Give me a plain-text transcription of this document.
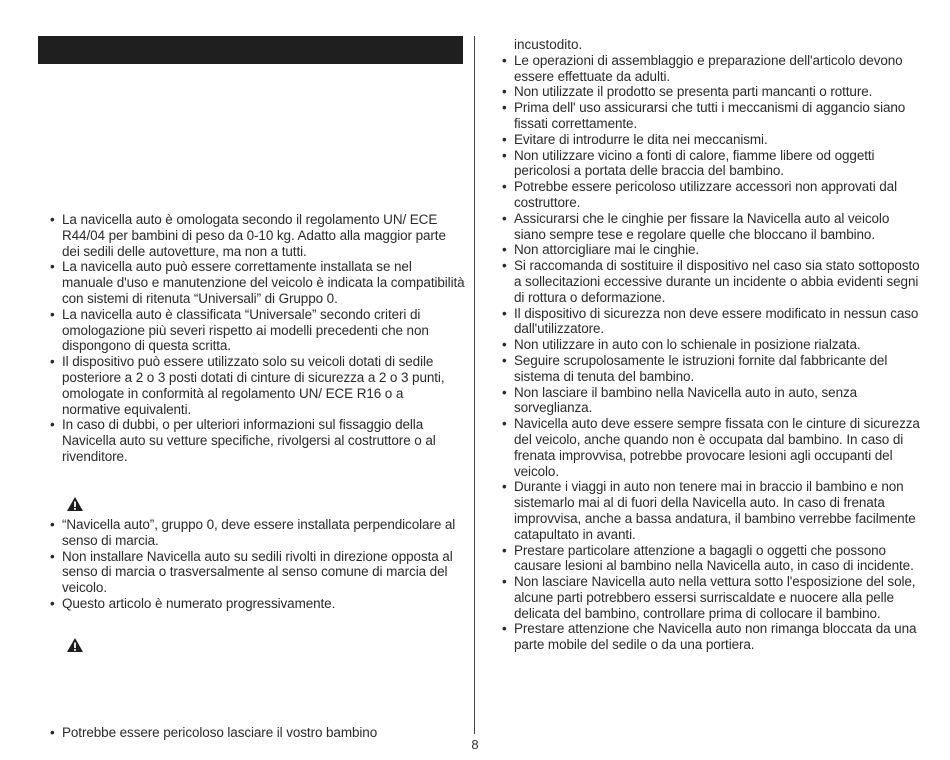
• La navicella auto è omologata secondo il regolamento UN/ ECE R44/04 per bambini di peso da 0-10 kg. Adatto alla maggior parte dei sedili delle autovetture, ma non a tutti.
• La navicella auto può essere correttamente installata se nel manuale d'uso e manutenzione del veicolo è indicata la compatibilità con sistemi di ritenuta “Universali” di Gruppo 0.
• La navicella auto è classificata “Universale” secondo criteri di omologazione più severi rispetto ai modelli precedenti che non dispongono di questa scritta.
• Il dispositivo può essere utilizzato solo su veicoli dotati di sedile posteriore a 2 o 3 posti dotati di cinture di sicurezza a 2 o 3 punti, omologate in conformità al regolamento UN/ ECE R16 o a normative equivalenti.
• In caso di dubbi, o per ulteriori informazioni sul fissaggio della Navicella auto su vetture specifiche, rivolgersi al costruttore o al rivenditore.
• “Navicella auto”, gruppo 0, deve essere installata perpendicolare al senso di marcia.
• Non installare Navicella auto su sedili rivolti in direzione opposta al senso di marcia o trasversalmente al senso comune di marcia del veicolo.
• Questo articolo è numerato progressivamente.
• Potrebbe essere pericoloso lasciare il vostro bambino
incustodito.
• Le operazioni di assemblaggio e preparazione dell'articolo devono essere effettuate da adulti.
• Non utilizzate il prodotto se presenta parti mancanti o rotture.
• Prima dell' uso assicurarsi che tutti i meccanismi di aggancio siano fissati correttamente.
• Evitare di introdurre le dita nei meccanismi.
• Non utilizzare vicino a fonti di calore, fiamme libere od oggetti pericolosi a portata delle braccia del bambino.
• Potrebbe essere pericoloso utilizzare accessori non approvati dal costruttore.
• Assicurarsi che le cinghie per fissare la Navicella auto al veicolo siano sempre tese e regolare quelle che bloccano il bambino.
• Non attorcigliare mai le cinghie.
• Si raccomanda di sostituire il dispositivo nel caso sia stato sottoposto a sollecitazioni eccessive durante un incidente o abbia evidenti segni di rottura o deformazione.
• Il dispositivo di sicurezza non deve essere modificato in nessun caso dall'utilizzatore.
• Non utilizzare in auto con lo schienale in posizione rialzata.
• Seguire scrupolosamente le istruzioni fornite dal fabbricante del sistema di tenuta del bambino.
• Non lasciare il bambino nella Navicella auto in auto, senza sorveglianza.
• Navicella auto deve essere sempre fissata con le cinture di sicurezza del veicolo, anche quando non è occupata dal bambino. In caso di frenata improvvisa, potrebbe provocare lesioni agli occupanti del veicolo.
• Durante i viaggi in auto non tenere mai in braccio il bambino e non sistemarlo mai al di fuori della Navicella auto. In caso di frenata improvvisa, anche a bassa andatura, il bambino verrebbe facilmente catapultato in avanti.
• Prestare particolare attenzione a bagagli o oggetti che possono causare lesioni al bambino nella Navicella auto, in caso di incidente.
• Non lasciare Navicella auto nella vettura sotto l'esposizione del sole, alcune parti potrebbero essersi surriscaldate e nuocere alla pelle delicata del bambino, controllare prima di collocare il bambino.
• Prestare attenzione che Navicella auto non rimanga bloccata da una parte mobile del sedile o da una portiera.
8
